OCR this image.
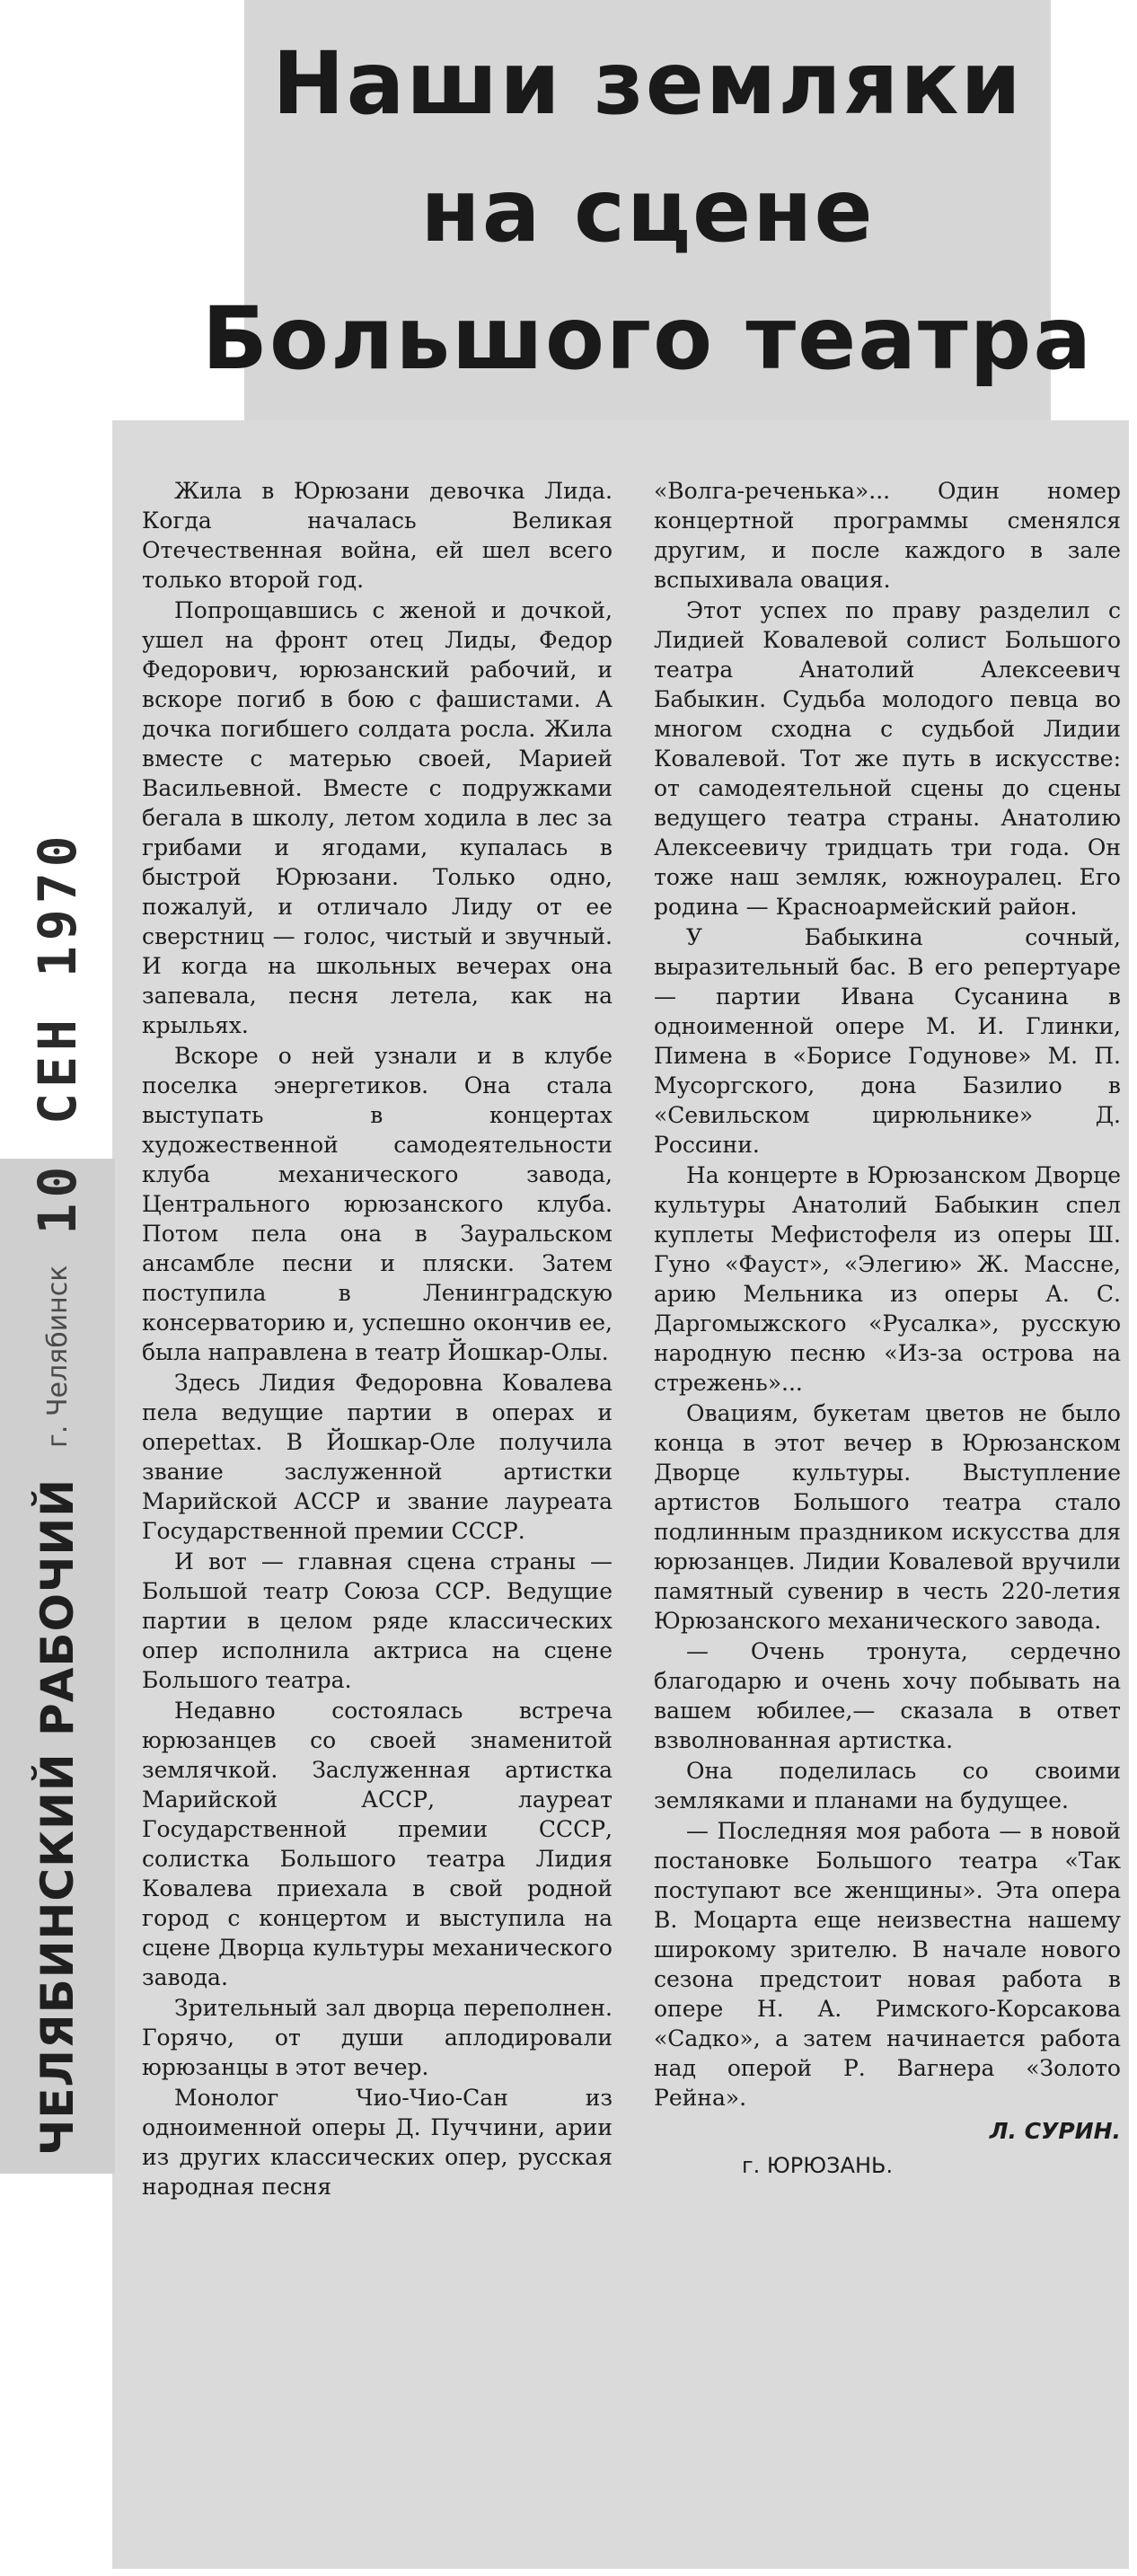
Наши земляки
на сцене
Большого театра
ЧЕЛЯБИНСКИЙ РАБОЧИЙ
г. Челябинск
10 СЕН 1970

Жила в Юрюзани девочка Лида. Когда началась Великая Отечественная война, ей шел всего только второй год.

Попрощавшись с женой и дочкой, ушел на фронт отец Лиды, Федор Федорович, юрюзанский рабочий, и вскоре погиб в бою с фашистами. А дочка погибшего солдата росла. Жила вместе с матерью своей, Марией Васильевной. Вместе с подружками бегала в школу, летом ходила в лес за грибами и ягодами, купалась в быстрой Юрюзани. Только одно, пожалуй, и отличало Лиду от ее сверстниц — голос, чистый и звучный. И когда на школьных вечерах она запевала, песня летела, как на крыльях.

Вскоре о ней узнали и в клубе поселка энергетиков. Она стала выступать в концертах художественной самодеятельности клуба механического завода, Центрального юрюзанского клуба. Потом пела она в Зауральском ансамбле песни и пляски. Затем поступила в Ленинградскую консерваторию и, успешно окончив ее, была направлена в театр Йошкар-Олы.

Здесь Лидия Федоровна Ковалева пела ведущие партии в операх и оперettах. В Йошкар-Оле получила звание заслуженной артистки Марийской АССР и звание лауреата Государственной премии СССР.

И вот — главная сцена страны — Большой театр Союза ССР. Ведущие партии в целом ряде классических опер исполнила актриса на сцене Большого театра.

Недавно состоялась встреча юрюзанцев со своей знаменитой землячкой. Заслуженная артистка Марийской АССР, лауреат Государственной премии СССР, солистка Большого театра Лидия Ковалева приехала в свой родной город с концертом и выступила на сцене Дворца культуры механического завода.

Зрительный зал дворца переполнен. Горячо, от души аплодировали юрюзанцы в этот вечер.

Монолог Чио-Чио-Сан из одноименной оперы Д. Пуччини, арии из других классических опер, русская народная песня

«Волга-реченька»... Один номер концертной программы сменялся другим, и после каждого в зале вспыхивала овация.

Этот успех по праву разделил с Лидией Ковалевой солист Большого театра Анатолий Алексеевич Бабыкин. Судьба молодого певца во многом сходна с судьбой Лидии Ковалевой. Тот же путь в искусстве: от самодеятельной сцены до сцены ведущего театра страны. Анатолию Алексеевичу тридцать три года. Он тоже наш земляк, южноуралец. Его родина — Красноармейский район.

У Бабыкина сочный, выразительный бас. В его репертуаре — партии Ивана Сусанина в одноименной опере М. И. Глинки, Пимена в «Борисе Годунове» М. П. Мусоргского, дона Базилио в «Севильском цирюльнике» Д. Россини.

На концерте в Юрюзанском Дворце культуры Анатолий Бабыкин спел куплеты Мефистофеля из оперы Ш. Гуно «Фауст», «Элегию» Ж. Массне, арию Мельника из оперы А. С. Даргомыжского «Русалка», русскую народную песню «Из-за острова на стрежень»...

Овациям, букетам цветов не было конца в этот вечер в Юрюзанском Дворце культуры. Выступление артистов Большого театра стало подлинным праздником искусства для юрюзанцев. Лидии Ковалевой вручили памятный сувенир в честь 220-летия Юрюзанского механического завода.

— Очень тронута, сердечно благодарю и очень хочу побывать на вашем юбилее,— сказала в ответ взволнованная артистка.

Она поделилась со своими земляками и планами на будущее.

— Последняя моя работа — в новой постановке Большого театра «Так поступают все женщины». Эта опера В. Моцарта еще неизвестна нашему широкому зрителю. В начале нового сезона предстоит новая работа в опере Н. А. Римского-Корсакова «Садко», а затем начинается работа над оперой Р. Вагнера «Золото Рейна».

Л. СУРИН.

г. ЮРЮЗАНЬ.
